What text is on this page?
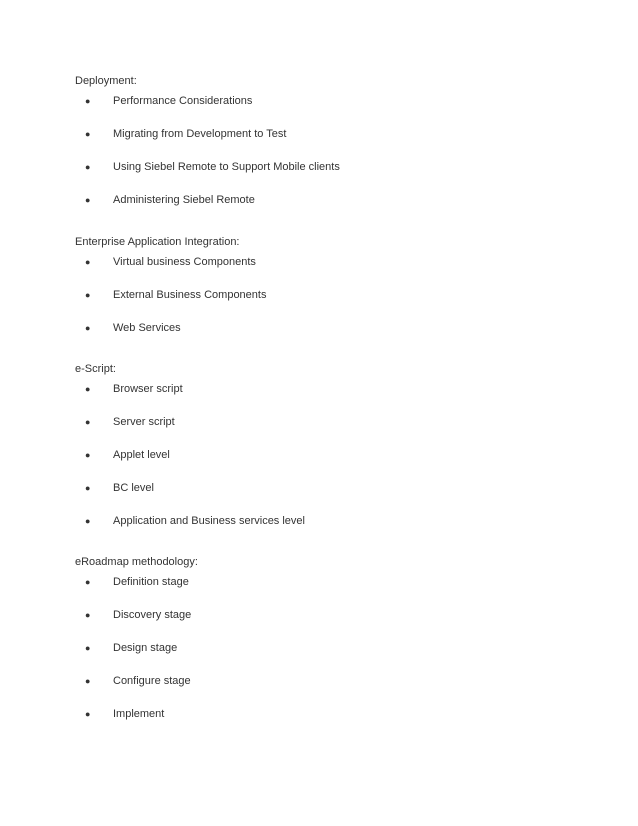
Deployment:

● Performance Considerations
● Migrating from Development to Test
● Using Siebel Remote to Support Mobile clients
● Administering Siebel Remote

Enterprise Application Integration:

● Virtual business Components
● External Business Components
● Web Services

e-Script:

● Browser script
● Server script
● Applet level
● BC level
● Application and Business services level

eRoadmap methodology:

● Definition stage
● Discovery stage
● Design stage
● Configure stage
● Implement
